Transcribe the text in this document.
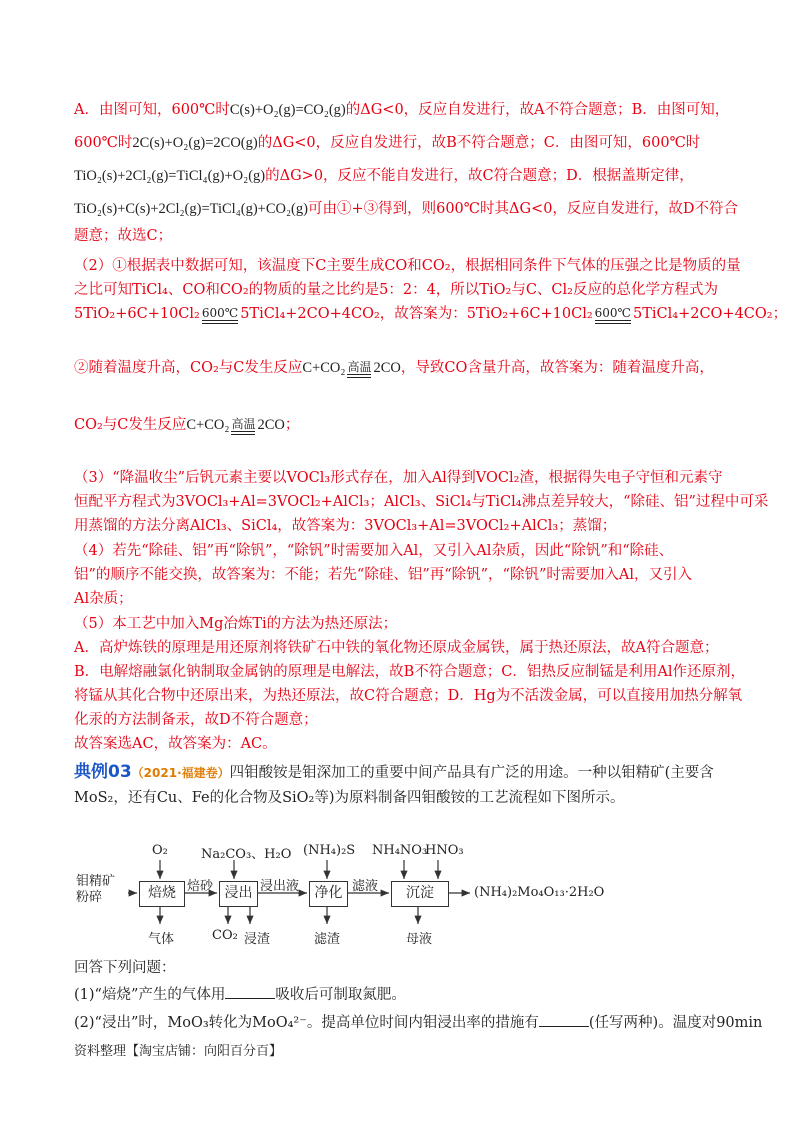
A．由图可知，600℃时C(s)+O₂(g)=CO₂(g)的ΔG<0，反应自发进行，故A不符合题意；B．由图可知，
600℃时2C(s)+O₂(g)=2CO(g)的ΔG<0，反应自发进行，故B不符合题意；C．由图可知，600℃时
TiO₂(s)+2Cl₂(g)=TiCl₄(g)+O₂(g)的ΔG>0，反应不能自发进行，故C符合题意；D．根据盖斯定律，
TiO₂(s)+C(s)+2Cl₂(g)=TiCl₄(g)+CO₂(g)可由①+③得到，则600℃时其ΔG<0，反应自发进行，故D不符合
题意；故选C；
（2）①根据表中数据可知，该温度下C主要生成CO和CO₂，根据相同条件下气体的压强之比是物质的量
之比可知TiCl₄、CO和CO₂的物质的量之比约是5：2：4，所以TiO₂与C、Cl₂反应的总化学方程式为
5TiO₂+6C+10Cl₂ 600℃ 5TiCl₄+2CO+4CO₂，故答案为：5TiO₂+6C+10Cl₂ 600℃ 5TiCl₄+2CO+4CO₂；
②随着温度升高，CO₂与C发生反应C+CO₂ 高温 2CO，导致CO含量升高，故答案为：随着温度升高，
CO₂与C发生反应C+CO₂ 高温 2CO；
（3）“降温收尘”后钒元素主要以VOCl₃形式存在，加入Al得到VOCl₂渣，根据得失电子守恒和元素守
恒配平方程式为3VOCl₃+Al=3VOCl₂+AlCl₃；AlCl₃、SiCl₄与TiCl₄沸点差异较大，“除硅、铝”过程中可采
用蒸馏的方法分离AlCl₃、SiCl₄，故答案为：3VOCl₃+Al=3VOCl₂+AlCl₃；蒸馏；
（4）若先“除硅、铝”再“除钒”，“除钒”时需要加入Al，又引入Al杂质，因此“除钒”和“除硅、
铝”的顺序不能交换，故答案为：不能；若先“除硅、铝”再“除钒”，“除钒”时需要加入Al，又引入
Al杂质；
（5）本工艺中加入Mg冶炼Ti的方法为热还原法；
A．高炉炼铁的原理是用还原剂将铁矿石中铁的氧化物还原成金属铁，属于热还原法，故A符合题意；
B．电解熔融氯化钠制取金属钠的原理是电解法，故B不符合题意；C．铝热反应制锰是利用Al作还原剂，
将锰从其化合物中还原出来，为热还原法，故C符合题意；D．Hg为不活泼金属，可以直接用加热分解氧
化汞的方法制备汞，故D不符合题意；
故答案选AC，故答案为：AC。
典例03（2021·福建卷）四钼酸铵是钼深加工的重要中间产品具有广泛的用途。一种以钼精矿(主要含
MoS₂，还有Cu、Fe的化合物及SiO₂等)为原料制备四钼酸铵的工艺流程如下图所示。
钼精矿
粉碎	焙烧	浸出	净化	沉淀
O₂	Na₂CO₃、H₂O (NH₄)₂S NH₄NO₃
HNO₃
焙砂	浸出液	滤液	(NH₄)₂Mo₄O₁₃·2H₂O
气体	CO₂ 浸渣	滤渣	母液
回答下列问题：
(1)“焙烧”产生的气体用	吸收后可制取氮肥。
(2)“浸出”时，MoO₃转化为MoO₄²⁻。提高单位时间内钼浸出率的措施有	(任写两种)。温度对90min
资料整理【淘宝店铺：向阳百分百】
